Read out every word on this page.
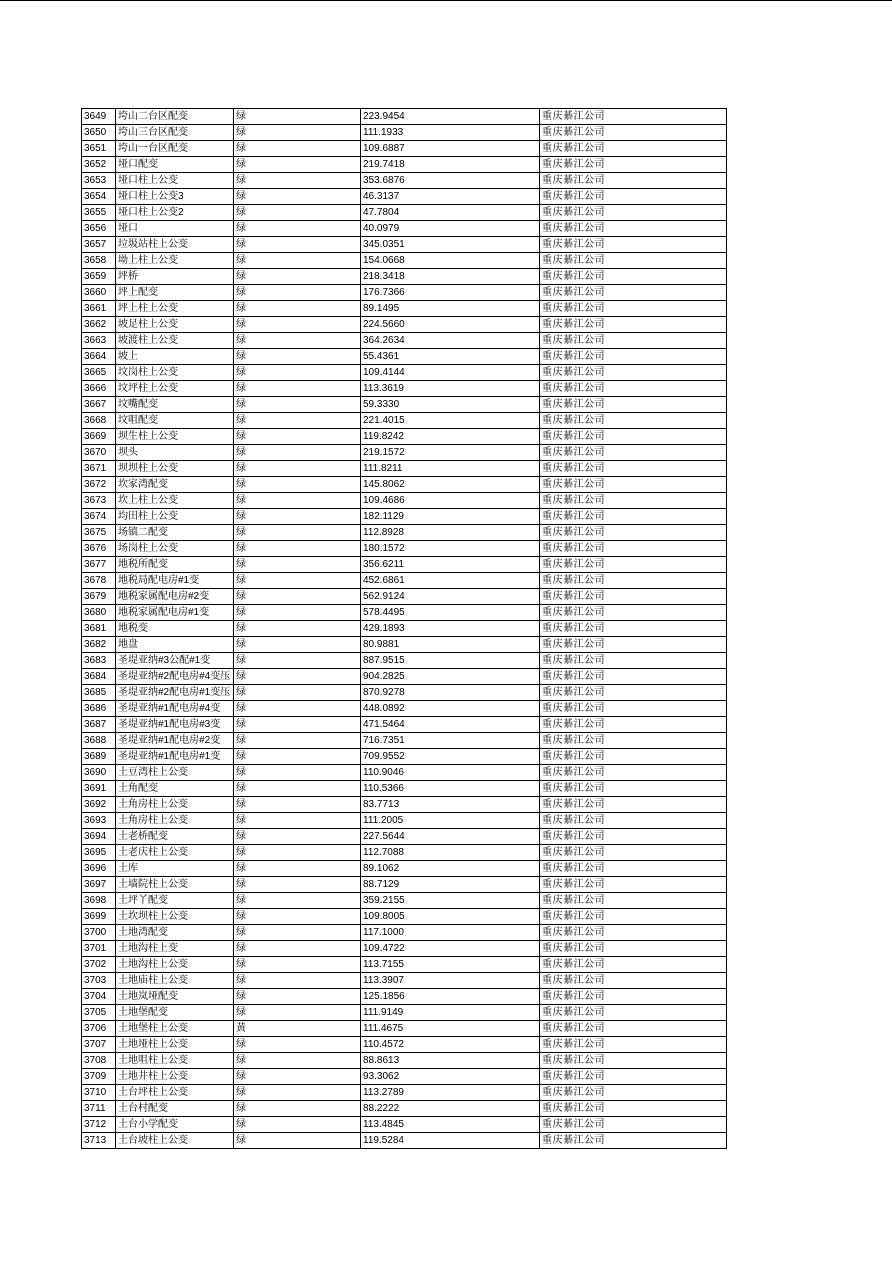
3649	垮山二台区配变	绿	223.9454	重庆綦江公司
3650	垮山三台区配变	绿	111.1933	重庆綦江公司
3651	垮山一台区配变	绿	109.6887	重庆綦江公司
3652	垭口配变	绿	219.7418	重庆綦江公司
3653	垭口柱上公变	绿	353.6876	重庆綦江公司
3654	垭口柱上公变3	绿	46.3137	重庆綦江公司
3655	垭口柱上公变2	绿	47.7804	重庆綦江公司
3656	垭口	绿	40.0979	重庆綦江公司
3657	垃圾站柱上公变	绿	345.0351	重庆綦江公司
3658	坳上柱上公变	绿	154.0668	重庆綦江公司
3659	坪桥	绿	218.3418	重庆綦江公司
3660	坪上配变	绿	176.7366	重庆綦江公司
3661	坪上柱上公变	绿	89.1495	重庆綦江公司
3662	坡足柱上公变	绿	224.5660	重庆綦江公司
3663	坡渡柱上公变	绿	364.2634	重庆綦江公司
3664	坡上	绿	55.4361	重庆綦江公司
3665	坟岗柱上公变	绿	109.4144	重庆綦江公司
3666	坟坪柱上公变	绿	113.3619	重庆綦江公司
3667	坟嘴配变	绿	59.3330	重庆綦江公司
3668	坟咀配变	绿	221.4015	重庆綦江公司
3669	坝生柱上公变	绿	119.8242	重庆綦江公司
3670	坝头	绿	219.1572	重庆綦江公司
3671	坝坝柱上公变	绿	111.8211	重庆綦江公司
3672	坎家湾配变	绿	145.8062	重庆綦江公司
3673	坎上柱上公变	绿	109.4686	重庆綦江公司
3674	均田柱上公变	绿	182.1129	重庆綦江公司
3675	场镇二配变	绿	112.8928	重庆綦江公司
3676	场岗柱上公变	绿	180.1572	重庆綦江公司
3677	地税所配变	绿	356.6211	重庆綦江公司
3678	地税局配电房#1变	绿	452.6861	重庆綦江公司
3679	地税家属配电房#2变	绿	562.9124	重庆綦江公司
3680	地税家属配电房#1变	绿	578.4495	重庆綦江公司
3681	地税变	绿	429.1893	重庆綦江公司
3682	地盘	绿	80.9881	重庆綦江公司
3683	圣堤亚纳#3公配#1变	绿	887.9515	重庆綦江公司
3684	圣堤亚纳#2配电房#4变压	绿	904.2825	重庆綦江公司
3685	圣堤亚纳#2配电房#1变压	绿	870.9278	重庆綦江公司
3686	圣堤亚纳#1配电房#4变	绿	448.0892	重庆綦江公司
3687	圣堤亚纳#1配电房#3变	绿	471.5464	重庆綦江公司
3688	圣堤亚纳#1配电房#2变	绿	716.7351	重庆綦江公司
3689	圣堤亚纳#1配电房#1变	绿	709.9552	重庆綦江公司
3690	土豆湾柱上公变	绿	110.9046	重庆綦江公司
3691	土角配变	绿	110.5366	重庆綦江公司
3692	土角房柱上公变	绿	83.7713	重庆綦江公司
3693	土角房柱上公变	绿	111.2005	重庆綦江公司
3694	土老桥配变	绿	227.5644	重庆綦江公司
3695	土老庆柱上公变	绿	112.7088	重庆綦江公司
3696	土库	绿	89.1062	重庆綦江公司
3697	土墙院柱上公变	绿	88.7129	重庆綦江公司
3698	土坪丫配变	绿	359.2155	重庆綦江公司
3699	土坎坝柱上公变	绿	109.8005	重庆綦江公司
3700	土地湾配变	绿	117.1000	重庆綦江公司
3701	土地沟柱上变	绿	109.4722	重庆綦江公司
3702	土地沟柱上公变	绿	113.7155	重庆綦江公司
3703	土地庙柱上公变	绿	113.3907	重庆綦江公司
3704	土地岚垭配变	绿	125.1856	重庆綦江公司
3705	土地堡配变	绿	111.9149	重庆綦江公司
3706	土地堡柱上公变	黄	111.4675	重庆綦江公司
3707	土地垭柱上公变	绿	110.4572	重庆綦江公司
3708	土地咀柱上公变	绿	88.8613	重庆綦江公司
3709	土地井柱上公变	绿	93.3062	重庆綦江公司
3710	土台坪柱上公变	绿	113.2789	重庆綦江公司
3711	土台村配变	绿	88.2222	重庆綦江公司
3712	土台小学配变	绿	113.4845	重庆綦江公司
3713	土台坡柱上公变	绿	119.5284	重庆綦江公司
